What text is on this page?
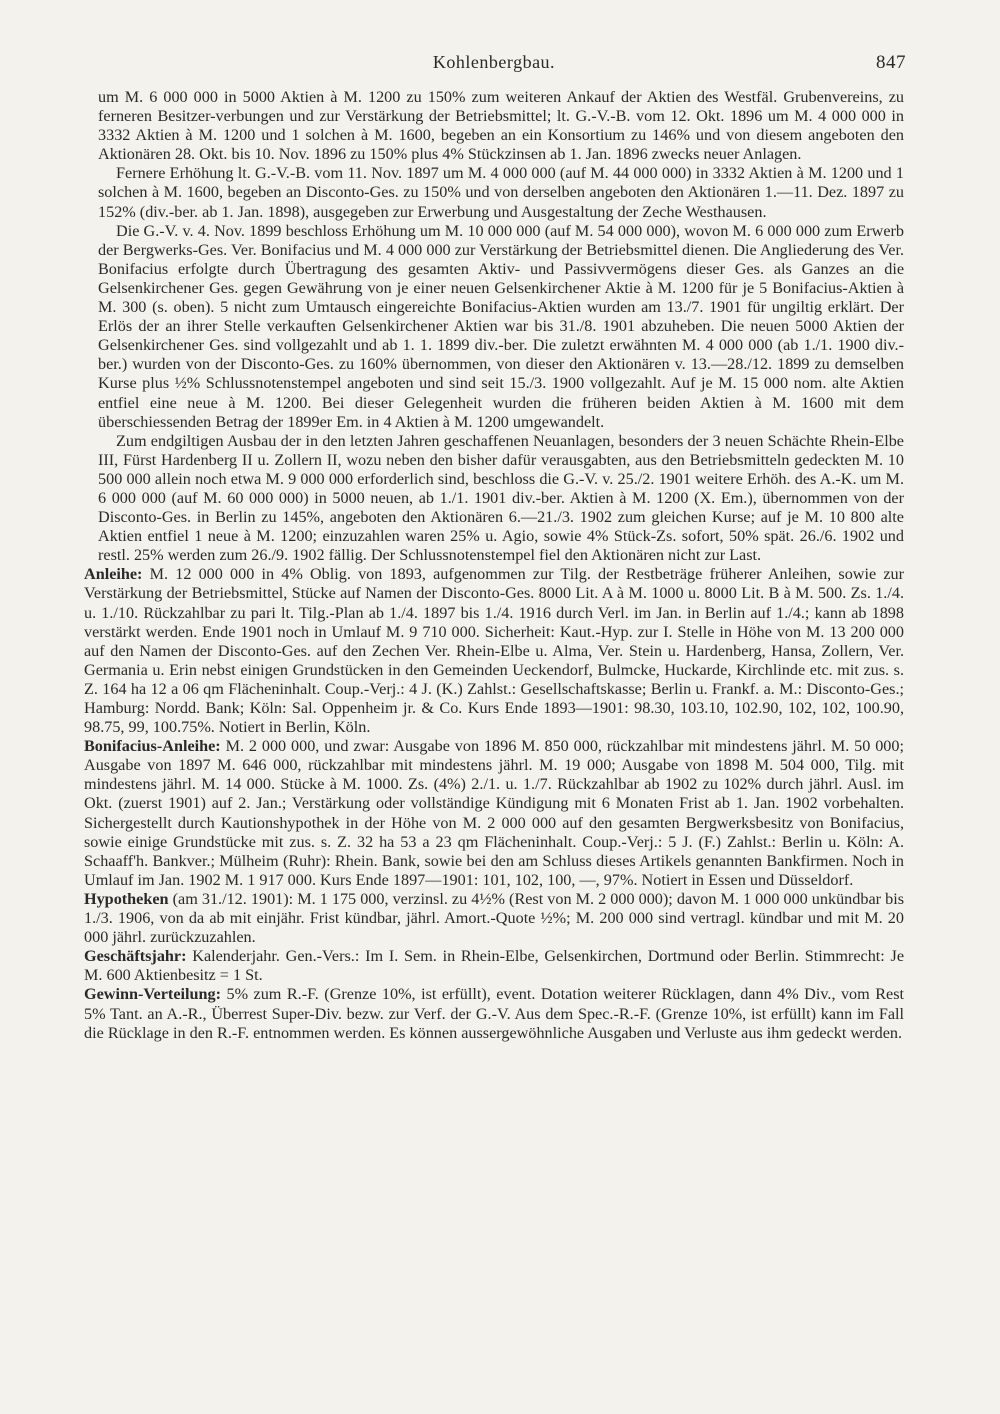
Kohlenbergbau.	847

um M. 6 000 000 in 5000 Aktien à M. 1200 zu 150% zum weiteren Ankauf der Aktien des Westfäl. Grubenvereins, zu ferneren Besitzer-verbungen und zur Verstärkung der Betriebsmittel; lt. G.-V.-B. vom 12. Okt. 1896 um M. 4 000 000 in 3332 Aktien à M. 1200 und 1 solchen à M. 1600, begeben an ein Konsortium zu 146% und von diesem angeboten den Aktionären 28. Okt. bis 10. Nov. 1896 zu 150% plus 4% Stückzinsen ab 1. Jan. 1896 zwecks neuer Anlagen.

Fernere Erhöhung lt. G.-V.-B. vom 11. Nov. 1897 um M. 4 000 000 (auf M. 44 000 000) in 3332 Aktien à M. 1200 und 1 solchen à M. 1600, begeben an Disconto-Ges. zu 150% und von derselben angeboten den Aktionären 1.—11. Dez. 1897 zu 152% (div.-ber. ab 1. Jan. 1898), ausgegeben zur Erwerbung und Ausgestaltung der Zeche Westhausen.

Die G.-V. v. 4. Nov. 1899 beschloss Erhöhung um M. 10 000 000 (auf M. 54 000 000), wovon M. 6 000 000 zum Erwerb der Bergwerks-Ges. Ver. Bonifacius und M. 4 000 000 zur Verstärkung der Betriebsmittel dienen. Die Angliederung des Ver. Bonifacius erfolgte durch Übertragung des gesamten Aktiv- und Passivvermögens dieser Ges. als Ganzes an die Gelsenkirchener Ges. gegen Gewährung von je einer neuen Gelsenkirchener Aktie à M. 1200 für je 5 Bonifacius-Aktien à M. 300 (s. oben). 5 nicht zum Umtausch eingereichte Bonifacius-Aktien wurden am 13./7. 1901 für ungiltig erklärt. Der Erlös der an ihrer Stelle verkauften Gelsenkirchener Aktien war bis 31./8. 1901 abzuheben. Die neuen 5000 Aktien der Gelsenkirchener Ges. sind vollgezahlt und ab 1. 1. 1899 div.-ber. Die zuletzt erwähnten M. 4 000 000 (ab 1./1. 1900 div.-ber.) wurden von der Disconto-Ges. zu 160% übernommen, von dieser den Aktionären v. 13.—28./12. 1899 zu demselben Kurse plus ½% Schlussnotenstempel angeboten und sind seit 15./3. 1900 vollgezahlt. Auf je M. 15 000 nom. alte Aktien entfiel eine neue à M. 1200. Bei dieser Gelegenheit wurden die früheren beiden Aktien à M. 1600 mit dem überschiessenden Betrag der 1899er Em. in 4 Aktien à M. 1200 umgewandelt.

Zum endgiltigen Ausbau der in den letzten Jahren geschaffenen Neuanlagen, besonders der 3 neuen Schächte Rhein-Elbe III, Fürst Hardenberg II u. Zollern II, wozu neben den bisher dafür verausgabten, aus den Betriebsmitteln gedeckten M. 10 500 000 allein noch etwa M. 9 000 000 erforderlich sind, beschloss die G.-V. v. 25./2. 1901 weitere Erhöh. des A.-K. um M. 6 000 000 (auf M. 60 000 000) in 5000 neuen, ab 1./1. 1901 div.-ber. Aktien à M. 1200 (X. Em.), übernommen von der Disconto-Ges. in Berlin zu 145%, angeboten den Aktionären 6.—21./3. 1902 zum gleichen Kurse; auf je M. 10 800 alte Aktien entfiel 1 neue à M. 1200; einzuzahlen waren 25% u. Agio, sowie 4% Stück-Zs. sofort, 50% spät. 26./6. 1902 und restl. 25% werden zum 26./9. 1902 fällig. Der Schlussnotenstempel fiel den Aktionären nicht zur Last.

Anleihe: M. 12 000 000 in 4% Oblig. von 1893, aufgenommen zur Tilg. der Restbeträge früherer Anleihen, sowie zur Verstärkung der Betriebsmittel, Stücke auf Namen der Disconto-Ges. 8000 Lit. A à M. 1000 u. 8000 Lit. B à M. 500. Zs. 1./4. u. 1./10. Rückzahlbar zu pari lt. Tilg.-Plan ab 1./4. 1897 bis 1./4. 1916 durch Verl. im Jan. in Berlin auf 1./4.; kann ab 1898 verstärkt werden. Ende 1901 noch in Umlauf M. 9 710 000. Sicherheit: Kaut.-Hyp. zur I. Stelle in Höhe von M. 13 200 000 auf den Namen der Disconto-Ges. auf den Zechen Ver. Rhein-Elbe u. Alma, Ver. Stein u. Hardenberg, Hansa, Zollern, Ver. Germania u. Erin nebst einigen Grundstücken in den Gemeinden Ueckendorf, Bulmcke, Huckarde, Kirchlinde etc. mit zus. s. Z. 164 ha 12 a 06 qm Flächeninhalt. Coup.-Verj.: 4 J. (K.) Zahlst.: Gesellschaftskasse; Berlin u. Frankf. a. M.: Disconto-Ges.; Hamburg: Nordd. Bank; Köln: Sal. Oppenheim jr. & Co. Kurs Ende 1893—1901: 98.30, 103.10, 102.90, 102, 102, 100.90, 98.75, 99, 100.75%. Notiert in Berlin, Köln.
Bonifacius-Anleihe: M. 2 000 000, und zwar: Ausgabe von 1896 M. 850 000, rückzahlbar mit mindestens jährl. M. 50 000; Ausgabe von 1897 M. 646 000, rückzahlbar mit mindestens jährl. M. 19 000; Ausgabe von 1898 M. 504 000, Tilg. mit mindestens jährl. M. 14 000. Stücke à M. 1000. Zs. (4%) 2./1. u. 1./7. Rückzahlbar ab 1902 zu 102% durch jährl. Ausl. im Okt. (zuerst 1901) auf 2. Jan.; Verstärkung oder vollständige Kündigung mit 6 Monaten Frist ab 1. Jan. 1902 vorbehalten. Sichergestellt durch Kautionshypothek in der Höhe von M. 2 000 000 auf den gesamten Bergwerksbesitz von Bonifacius, sowie einige Grundstücke mit zus. s. Z. 32 ha 53 a 23 qm Flächeninhalt. Coup.-Verj.: 5 J. (F.) Zahlst.: Berlin u. Köln: A. Schaaff'h. Bankver.; Mülheim (Ruhr): Rhein. Bank, sowie bei den am Schluss dieses Artikels genannten Bankfirmen. Noch in Umlauf im Jan. 1902 M. 1 917 000. Kurs Ende 1897—1901: 101, 102, 100, —, 97%. Notiert in Essen und Düsseldorf.
Hypotheken (am 31./12. 1901): M. 1 175 000, verzinsl. zu 4½% (Rest von M. 2 000 000); davon M. 1 000 000 unkündbar bis 1./3. 1906, von da ab mit einjähr. Frist kündbar, jährl. Amort.-Quote ½%; M. 200 000 sind vertragl. kündbar und mit M. 20 000 jährl. zurückzuzahlen.
Geschäftsjahr: Kalenderjahr. Gen.-Vers.: Im I. Sem. in Rhein-Elbe, Gelsenkirchen, Dortmund oder Berlin. Stimmrecht: Je M. 600 Aktienbesitz = 1 St.
Gewinn-Verteilung: 5% zum R.-F. (Grenze 10%, ist erfüllt), event. Dotation weiterer Rücklagen, dann 4% Div., vom Rest 5% Tant. an A.-R., Überrest Super-Div. bezw. zur Verf. der G.-V. Aus dem Spec.-R.-F. (Grenze 10%, ist erfüllt) kann im Fall die Rücklage in den R.-F. entnommen werden. Es können aussergewöhnliche Ausgaben und Verluste aus ihm gedeckt werden.
